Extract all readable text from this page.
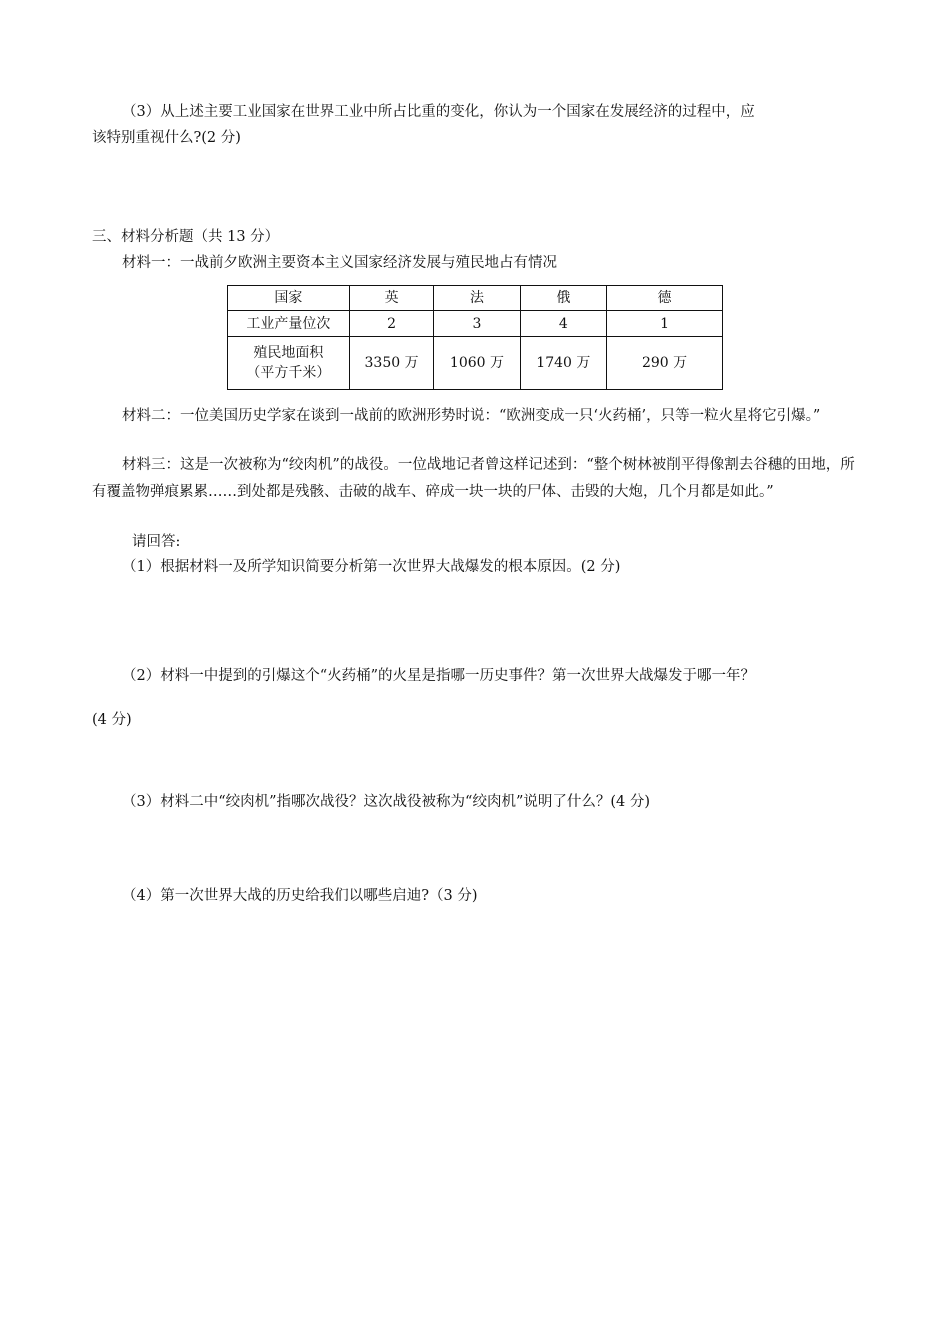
（3）从上述主要工业国家在世界工业中所占比重的变化，你认为一个国家在发展经济的过程中，应

该特别重视什么?(2 分)

三、材料分析题（共 13 分）

材料一：一战前夕欧洲主要资本主义国家经济发展与殖民地占有情况

国家	英	法	俄	德
工业产量位次	2	3	4	1

殖民地面积
（平方千米）	3350 万	1060 万	1740 万	290 万

材料二：一位美国历史学家在谈到一战前的欧洲形势时说：“欧洲变成一只‘火药桶’，只等一粒火星将它引爆。”

材料三：这是一次被称为“绞肉机”的战役。一位战地记者曾这样记述到：“整个树林被削平得像割去谷穗的田地，所有覆盖物弹痕累累……到处都是残骸、击破的战车、碎成一块一块的尸体、击毁的大炮，几个月都是如此。”

请回答:

（1）根据材料一及所学知识简要分析第一次世界大战爆发的根本原因。(2 分)

（2）材料一中提到的引爆这个“火药桶”的火星是指哪一历史事件？第一次世界大战爆发于哪一年？

(4 分)

（3）材料二中“绞肉机”指哪次战役？这次战役被称为“绞肉机”说明了什么？(4 分)

（4）第一次世界大战的历史给我们以哪些启迪?（3 分)
